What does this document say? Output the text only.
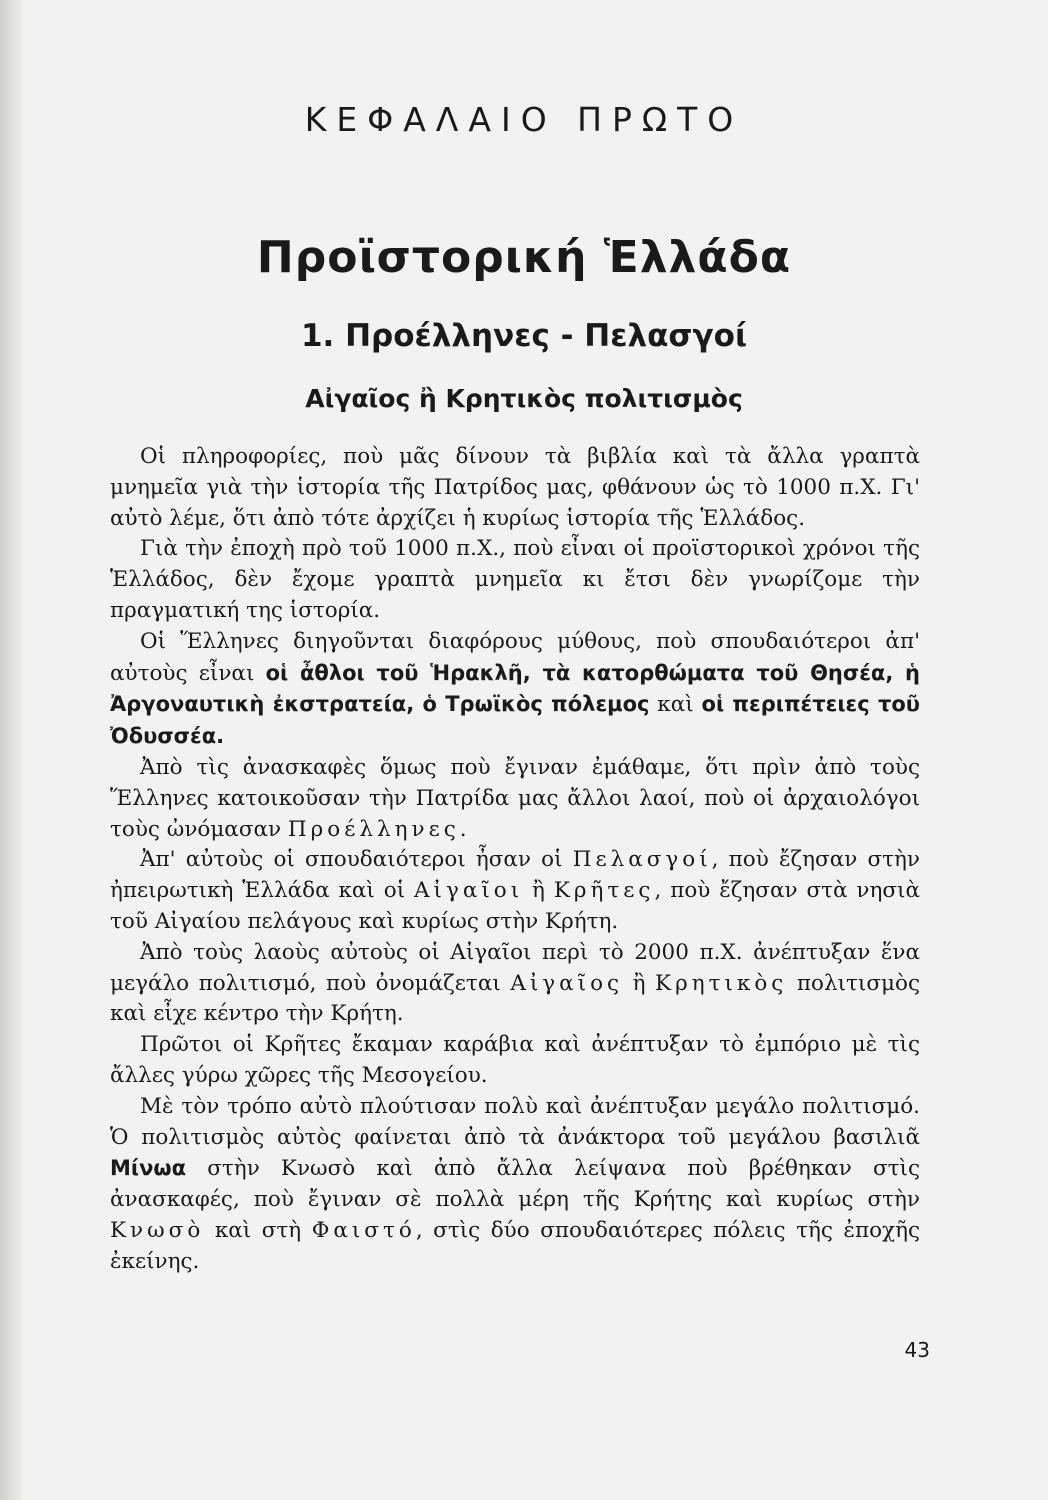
ΚΕΦΑΛΑΙΟ ΠΡΩΤΟ
Προϊστορική Ἑλλάδα
1. Προέλληνες - Πελασγοί
Αἰγαῖος ἢ Κρητικὸς πολιτισμὸς

Οἱ πληροφορίες, ποὺ μᾶς δίνουν τὰ βιβλία καὶ τὰ ἄλλα γραπτὰ μνημεῖα γιὰ τὴν ἱστορία τῆς Πατρίδος μας, φθάνουν ὡς τὸ 1000 π.Χ. Γι' αὐτὸ λέμε, ὅτι ἀπὸ τότε ἀρχίζει ἡ κυρίως ἱστορία τῆς Ἑλλάδος.

Γιὰ τὴν ἐποχὴ πρὸ τοῦ 1000 π.Χ., ποὺ εἶναι οἱ προϊστορικοὶ χρόνοι τῆς Ἑλλάδος, δὲν ἔχομε γραπτὰ μνημεῖα κι ἔτσι δὲν γνωρίζομε τὴν πραγματική της ἱστορία.

Οἱ Ἕλληνες διηγοῦνται διαφόρους μύθους, ποὺ σπουδαιότεροι ἀπ' αὐτοὺς εἶναι οἱ ἆθλοι τοῦ Ἡρακλῆ, τὰ κατορθώματα τοῦ Θησέα, ἡ Ἀργοναυτικὴ ἐκστρατεία, ὁ Τρωϊκὸς πόλεμος καὶ οἱ περιπέτειες τοῦ Ὀδυσσέα.

Ἀπὸ τὶς ἀνασκαφὲς ὅμως ποὺ ἔγιναν ἐμάθαμε, ὅτι πρὶν ἀπὸ τοὺς Ἕλληνες κατοικοῦσαν τὴν Πατρίδα μας ἄλλοι λαοί, ποὺ οἱ ἀρχαιολόγοι τοὺς ὠνόμασαν Προέλληνες.

Ἀπ' αὐτοὺς οἱ σπουδαιότεροι ἦσαν οἱ Πελασγοί, ποὺ ἔζησαν στὴν ἠπειρωτικὴ Ἑλλάδα καὶ οἱ Αἰγαῖοι ἢ Κρῆτες, ποὺ ἔζησαν στὰ νησιὰ τοῦ Αἰγαίου πελάγους καὶ κυρίως στὴν Κρήτη.

Ἀπὸ τοὺς λαοὺς αὐτοὺς οἱ Αἰγαῖοι περὶ τὸ 2000 π.Χ. ἀνέπτυξαν ἕνα μεγάλο πολιτισμό, ποὺ ὀνομάζεται Αἰγαῖος ἢ Κρητικὸς πολιτισμὸς καὶ εἶχε κέντρο τὴν Κρήτη.

Πρῶτοι οἱ Κρῆτες ἔκαμαν καράβια καὶ ἀνέπτυξαν τὸ ἐμπόριο μὲ τὶς ἄλλες γύρω χῶρες τῆς Μεσογείου.

Μὲ τὸν τρόπο αὐτὸ πλούτισαν πολὺ καὶ ἀνέπτυξαν μεγάλο πολιτισμό. Ὁ πολιτισμὸς αὐτὸς φαίνεται ἀπὸ τὰ ἀνάκτορα τοῦ μεγάλου βασιλιᾶ Μίνωα στὴν Κνωσὸ καὶ ἀπὸ ἄλλα λείψανα ποὺ βρέθηκαν στὶς ἀνασκαφές, ποὺ ἔγιναν σὲ πολλὰ μέρη τῆς Κρήτης καὶ κυρίως στὴν Κνωσὸ καὶ στὴ Φαιστό, στὶς δύο σπουδαιότερες πόλεις τῆς ἐποχῆς ἐκείνης.

43
